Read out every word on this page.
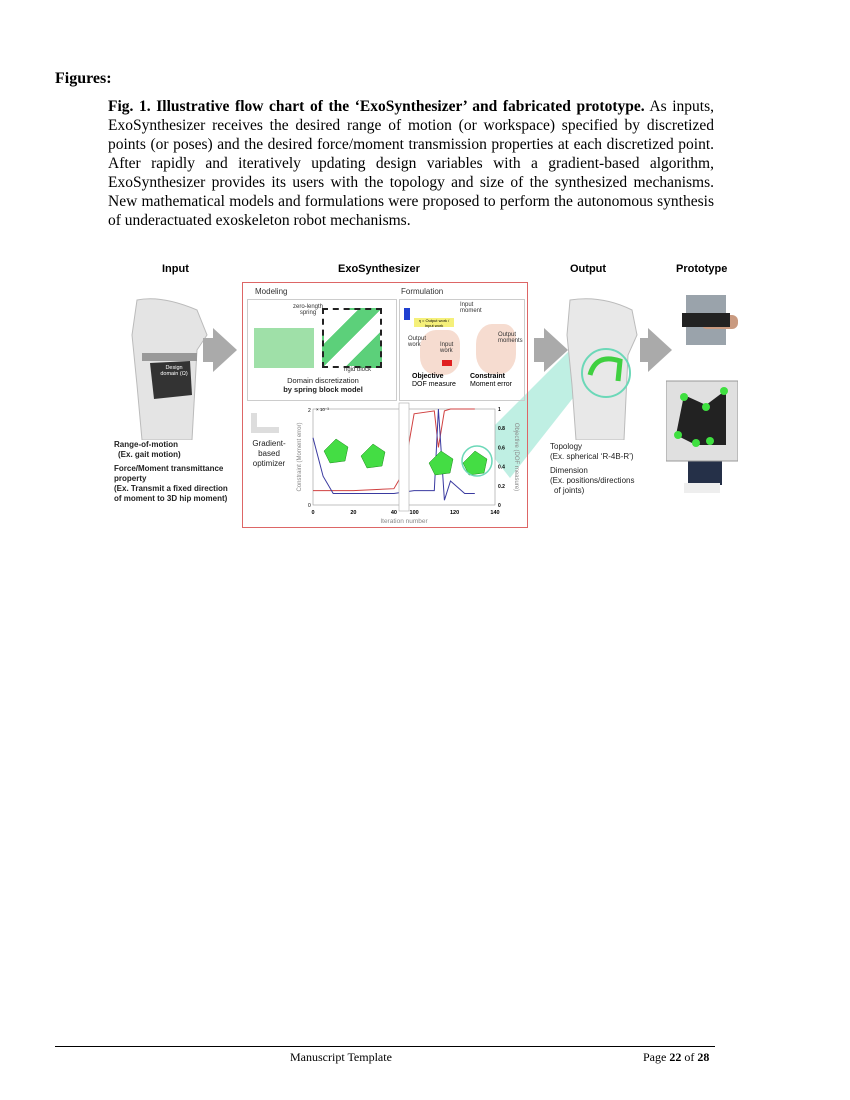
Figures:
Fig. 1. Illustrative flow chart of the ‘ExoSynthesizer’ and fabricated prototype. As inputs, ExoSynthesizer receives the desired range of motion (or workspace) specified by discretized points (or poses) and the desired force/moment transmission properties at each discretized point. After rapidly and iteratively updating design variables with a gradient-based algorithm, ExoSynthesizer provides its users with the topology and size of the synthesized mechanisms. New mathematical models and formulations were proposed to perform the autonomous synthesis of underactuated exoskeleton robot mechanisms.
Input	ExoSynthesizer	Output	Prototype
Design domain (Ω)
Range-of-motion
(Ex. gait motion)
Force/Moment transmittance
property
(Ex. Transmit a fixed direction
of moment to 3D hip moment)
Modeling	Formulation
zero-length spring
rigid block
Domain discretization
by spring block model
η = Output work / Input work
Input moment
Output work	Input work
Output moments
Objective
DOF measure
Constraint
Moment error
Gradient-
based
optimizer
0	20	40 100	120	140
0
0.2
0.4
0.6
0.8
1
0
2 × 10⁻³
Iteration number
Constraint (Moment error)	Objective (DOF measure)	Topology
(Ex. spherical ‘R-4B-R’)
Dimension
(Ex. positions/directions
of joints)
Manuscript Template	Page 22 of 28
